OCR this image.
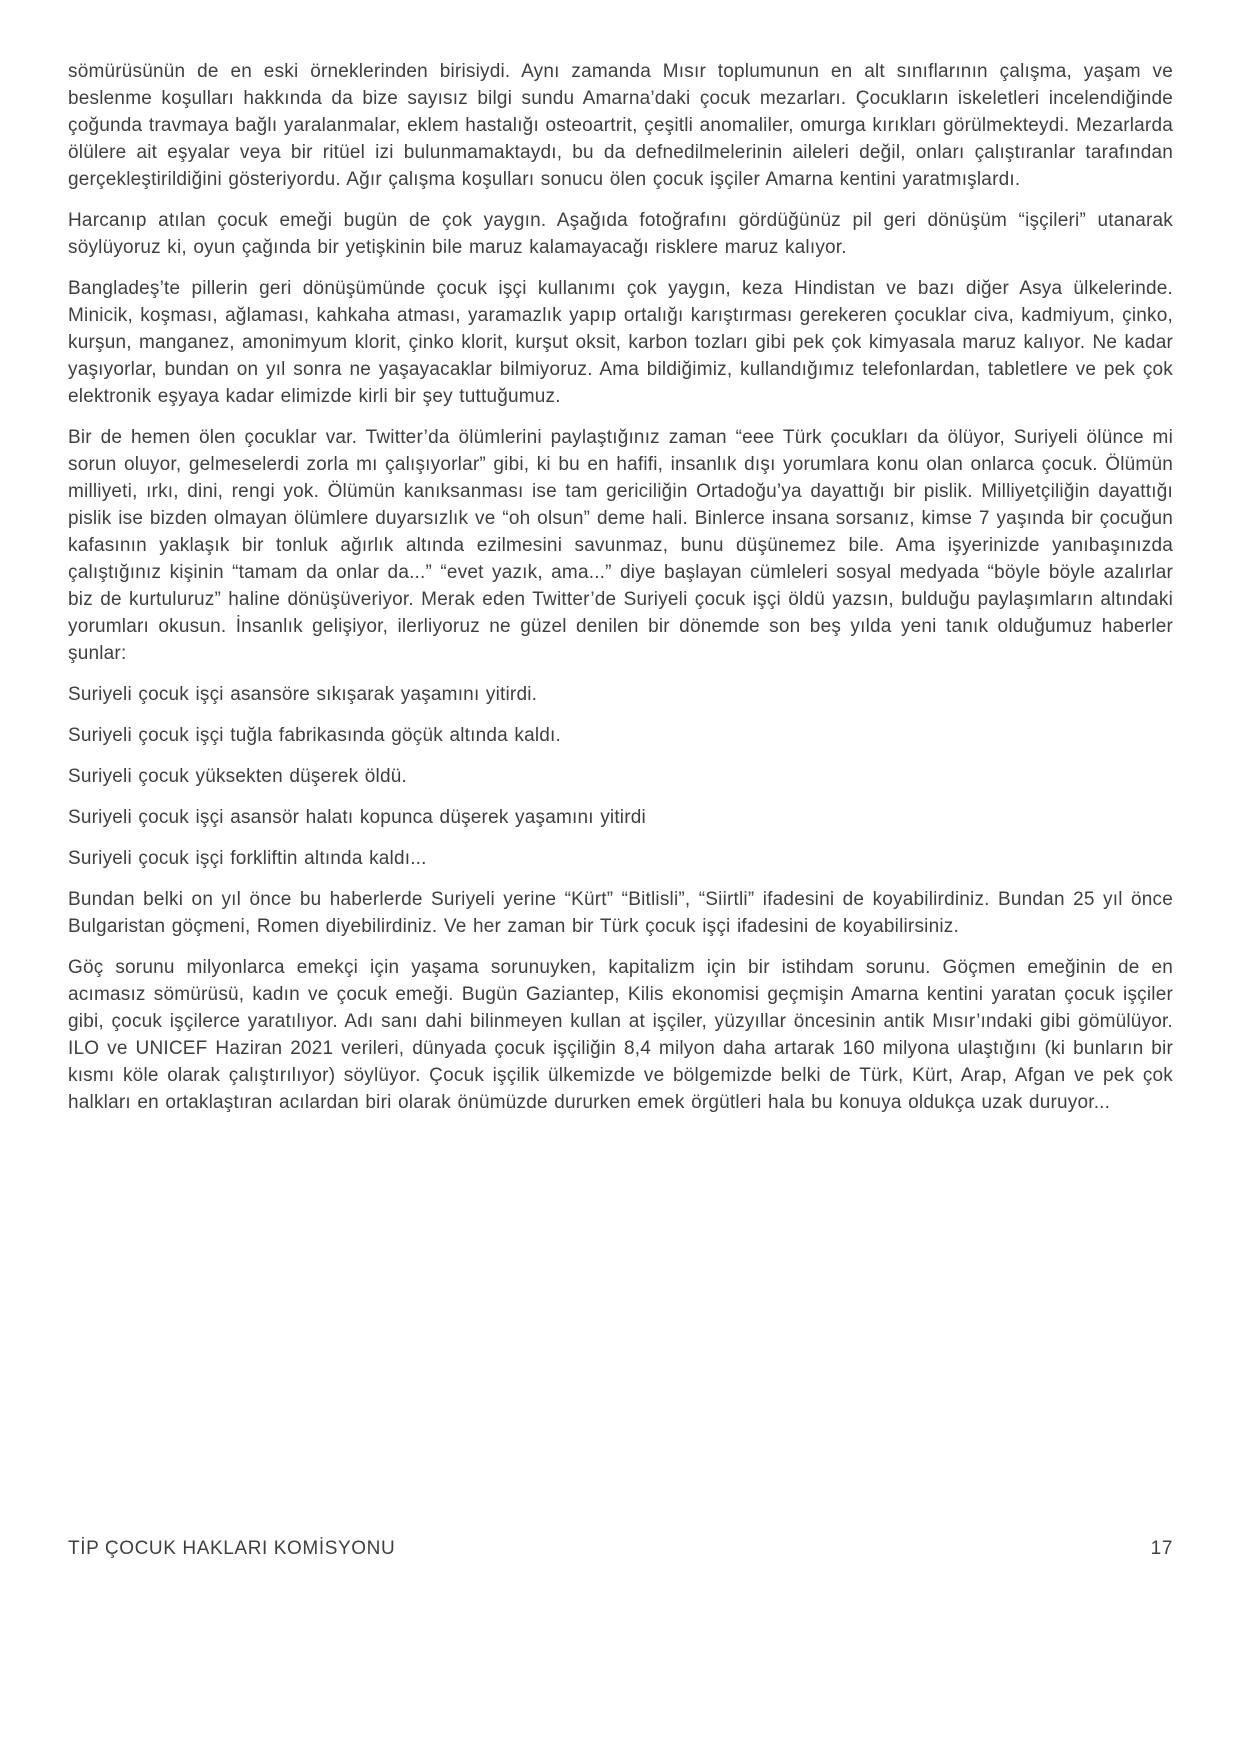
sömürüsünün de en eski örneklerinden birisiydi. Aynı zamanda Mısır toplumunun en alt sınıflarının çalışma, yaşam ve beslenme koşulları hakkında da bize sayısız bilgi sundu Amarna’daki çocuk mezarları. Çocukların iskeletleri incelendiğinde çoğunda travmaya bağlı yaralanmalar, eklem hastalığı osteoartrit, çeşitli anomaliler, omurga kırıkları görülmekteydi. Mezarlarda ölülere ait eşyalar veya bir ritüel izi bulunmamaktaydı, bu da defnedilmelerinin aileleri değil, onları çalıştıranlar tarafından gerçekleştirildiğini gösteriyordu. Ağır çalışma koşulları sonucu ölen çocuk işçiler Amarna kentini yaratmışlardı.

Harcanıp atılan çocuk emeği bugün de çok yaygın. Aşağıda fotoğrafını gördüğünüz pil geri dönüşüm “işçileri” utanarak söylüyoruz ki, oyun çağında bir yetişkinin bile maruz kalamayacağı risklere maruz kalıyor.

Bangladeş’te pillerin geri dönüşümünde çocuk işçi kullanımı çok yaygın, keza Hindistan ve bazı diğer Asya ülkelerinde. Minicik, koşması, ağlaması, kahkaha atması, yaramazlık yapıp ortalığı karıştırması gerekeren çocuklar civa, kadmiyum, çinko, kurşun, manganez, amonimyum klorit, çinko klorit, kurşut oksit, karbon tozları gibi pek çok kimyasala maruz kalıyor. Ne kadar yaşıyorlar, bundan on yıl sonra ne yaşayacaklar bilmiyoruz. Ama bildiğimiz, kullandığımız telefonlardan, tabletlere ve pek çok elektronik eşyaya kadar elimizde kirli bir şey tuttuğumuz.

Bir de hemen ölen çocuklar var. Twitter’da ölümlerini paylaştığınız zaman “eee Türk çocukları da ölüyor, Suriyeli ölünce mi sorun oluyor, gelmeselerdi zorla mı çalışıyorlar” gibi, ki bu en hafifi, insanlık dışı yorumlara konu olan onlarca çocuk. Ölümün milliyeti, ırkı, dini, rengi yok. Ölümün kanıksanması ise tam gericiliğin Ortadoğu’ya dayattığı bir pislik. Milliyetçiliğin dayattığı pislik ise bizden olmayan ölümlere duyarsızlık ve “oh olsun” deme hali. Binlerce insana sorsanız, kimse 7 yaşında bir çocuğun kafasının yaklaşık bir tonluk ağırlık altında ezilmesini savunmaz, bunu düşünemez bile. Ama işyerinizde yanıbaşınızda çalıştığınız kişinin “tamam da onlar da...” “evet yazık, ama...” diye başlayan cümleleri sosyal medyada “böyle böyle azalırlar biz de kurtuluruz” haline dönüşüveriyor. Merak eden Twitter’de Suriyeli çocuk işçi öldü yazsın, bulduğu paylaşımların altındaki yorumları okusun. İnsanlık gelişiyor, ilerliyoruz ne güzel denilen bir dönemde son beş yılda yeni tanık olduğumuz haberler şunlar:

Suriyeli çocuk işçi asansöre sıkışarak yaşamını yitirdi.

Suriyeli çocuk işçi tuğla fabrikasında göçük altında kaldı.

Suriyeli çocuk yüksekten düşerek öldü.

Suriyeli çocuk işçi asansör halatı kopunca düşerek yaşamını yitirdi

Suriyeli çocuk işçi forkliftin altında kaldı...

Bundan belki on yıl önce bu haberlerde Suriyeli yerine “Kürt” “Bitlisli”, “Siirtli” ifadesini de koyabilirdiniz. Bundan 25 yıl önce Bulgaristan göçmeni, Romen diyebilirdiniz. Ve her zaman bir Türk çocuk işçi ifadesini de koyabilirsiniz.

Göç sorunu milyonlarca emekçi için yaşama sorunuyken, kapitalizm için bir istihdam sorunu. Göçmen emeğinin de en acımasız sömürüsü, kadın ve çocuk emeği. Bugün Gaziantep, Kilis ekonomisi geçmişin Amarna kentini yaratan çocuk işçiler gibi, çocuk işçilerce yaratılıyor. Adı sanı dahi bilinmeyen kullan at işçiler, yüzyıllar öncesinin antik Mısır’ındaki gibi gömülüyor. ILO ve UNICEF Haziran 2021 verileri, dünyada çocuk işçiliğin 8,4 milyon daha artarak 160 milyona ulaştığını (ki bunların bir kısmı köle olarak çalıştırılıyor) söylüyor. Çocuk işçilik ülkemizde ve bölgemizde belki de Türk, Kürt, Arap, Afgan ve pek çok halkları en ortaklaştıran acılardan biri olarak önümüzde dururken emek örgütleri hala bu konuya oldukça uzak duruyor...

TİP ÇOCUK HAKLARI KOMİSYONU	17
